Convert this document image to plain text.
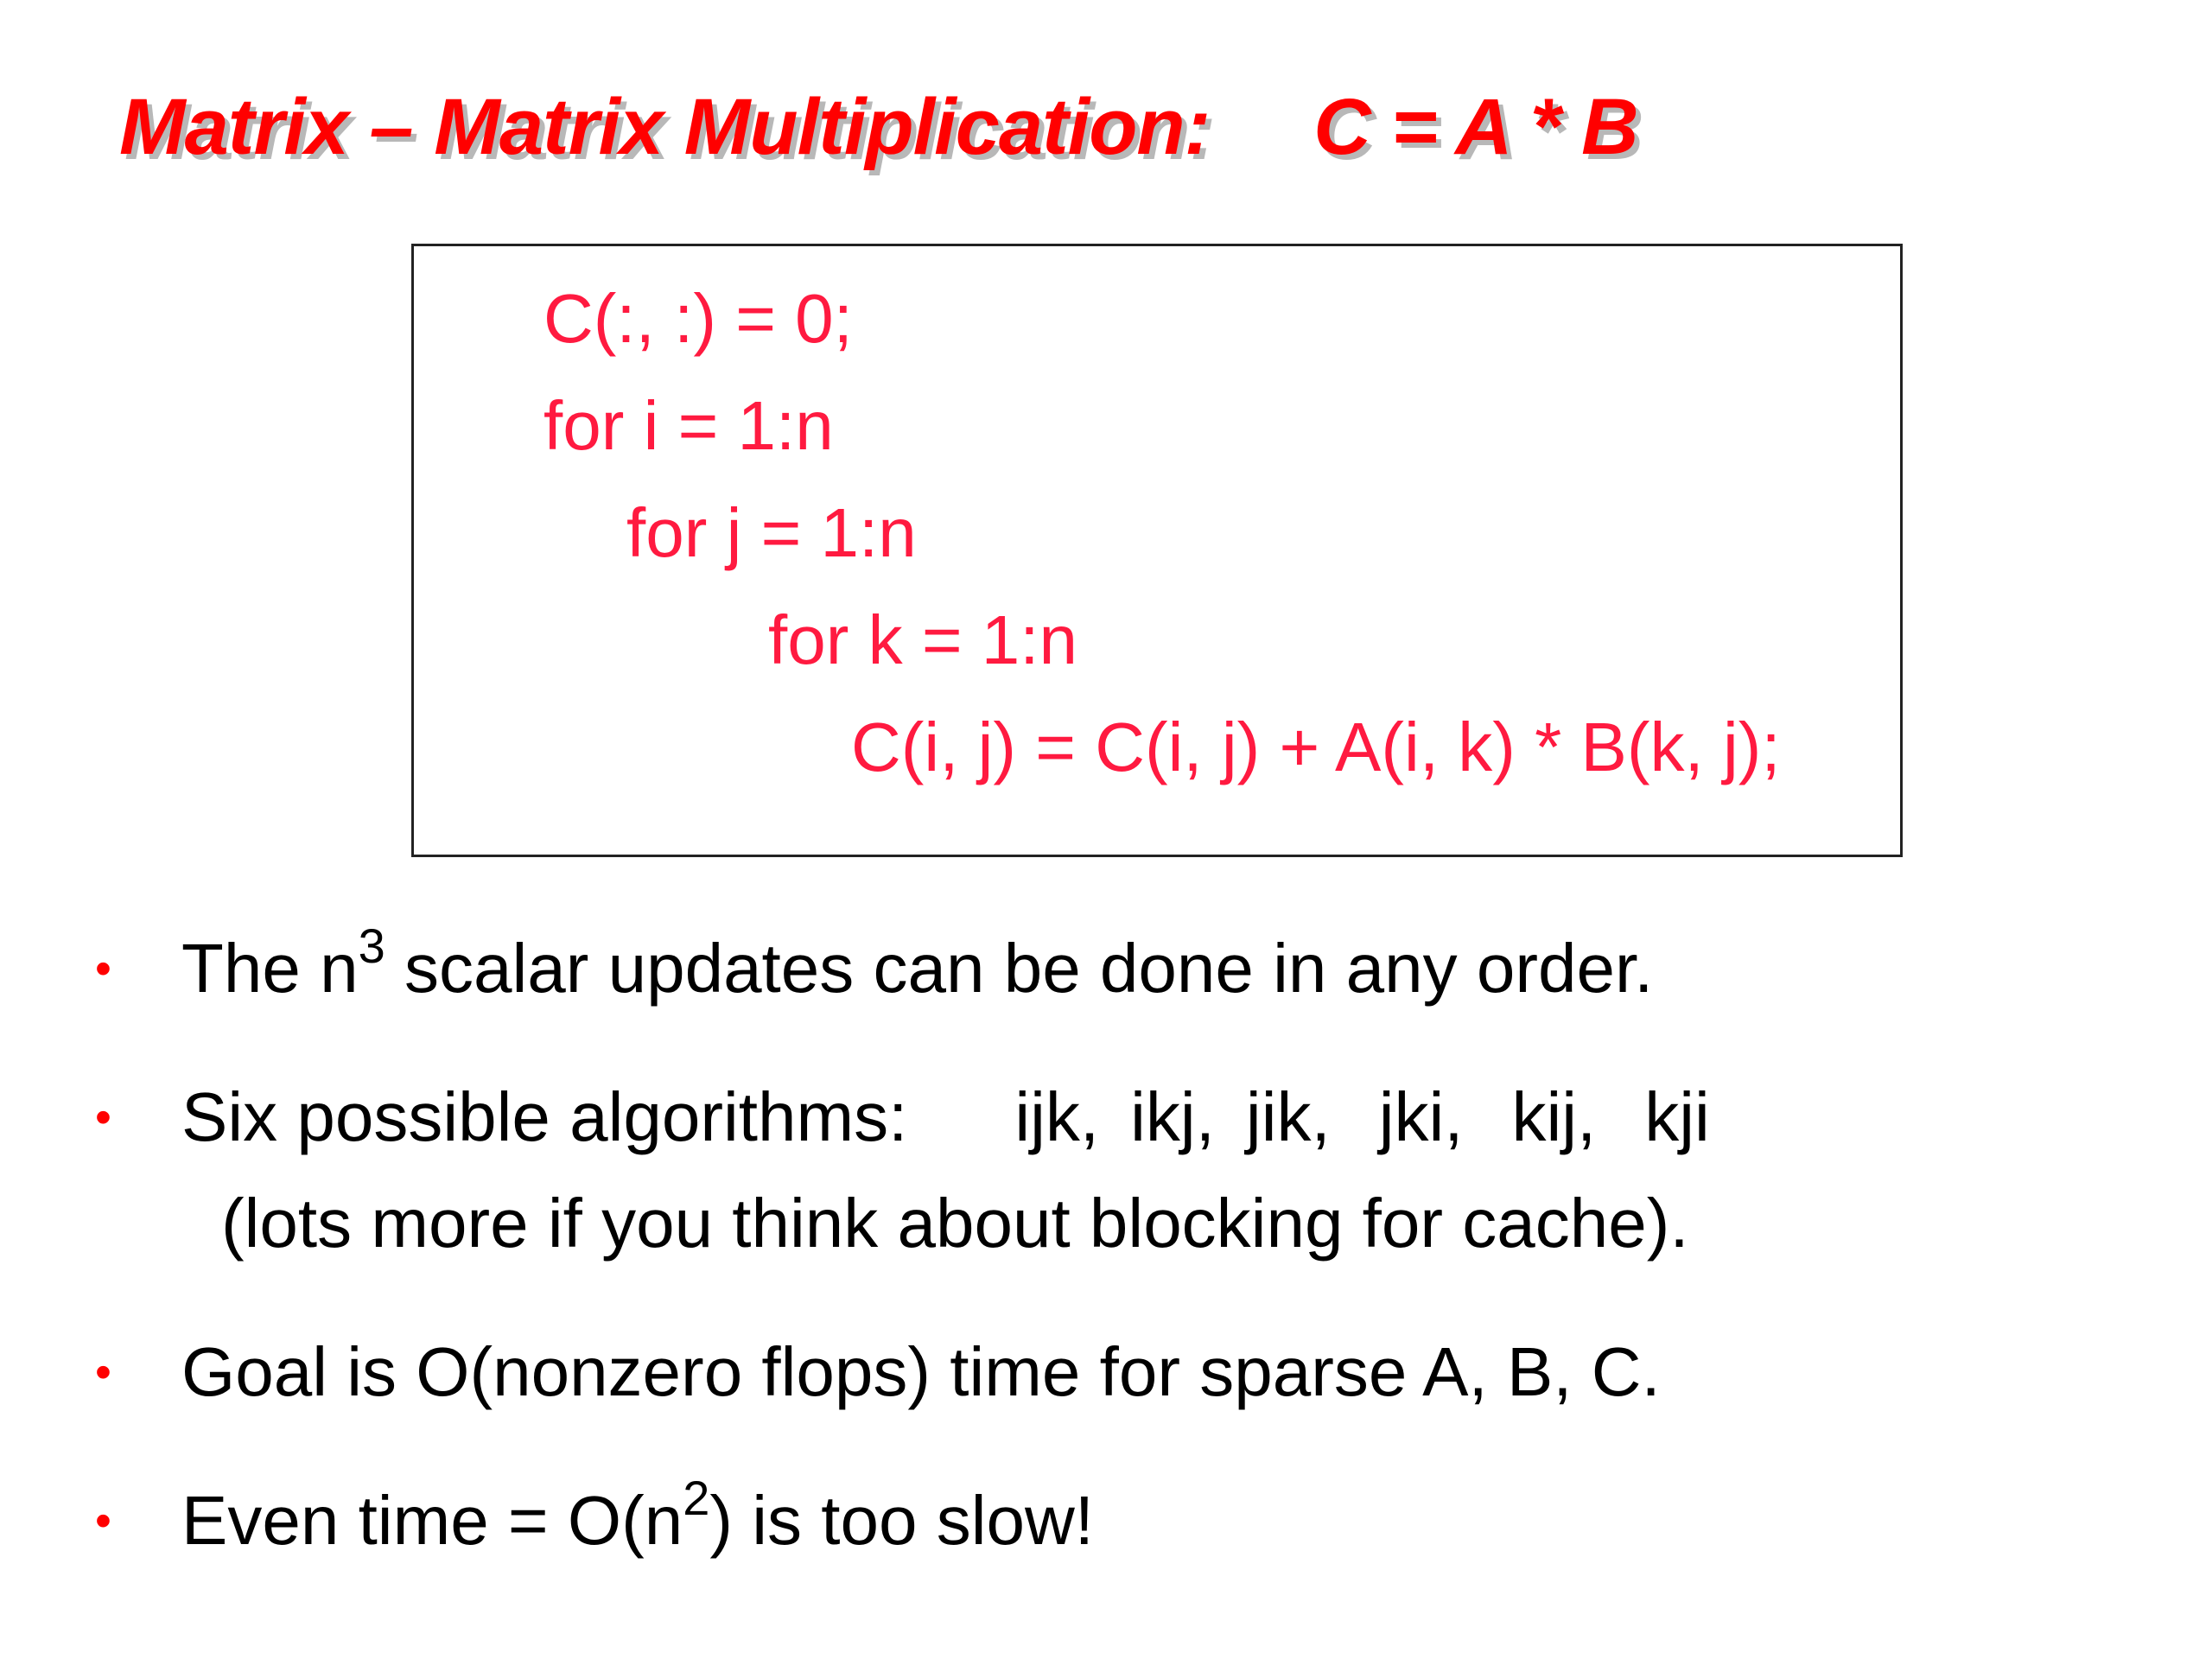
Matrix – Matrix Multiplication: C = A * B
C(:, :) = 0;
for i = 1:n
for j = 1:n
for k = 1:n
C(i, j) = C(i, j) + A(i, k) * B(k, j);
• The $n^3$ scalar updates can be done in any order.
• Six possible algorithms: ijk, ikj, jik, jki, kij, kji
(lots more if you think about blocking for cache).
• Goal is O(nonzero flops) time for sparse A, B, C.
• Even time = $O(n^2)$ is too slow!
